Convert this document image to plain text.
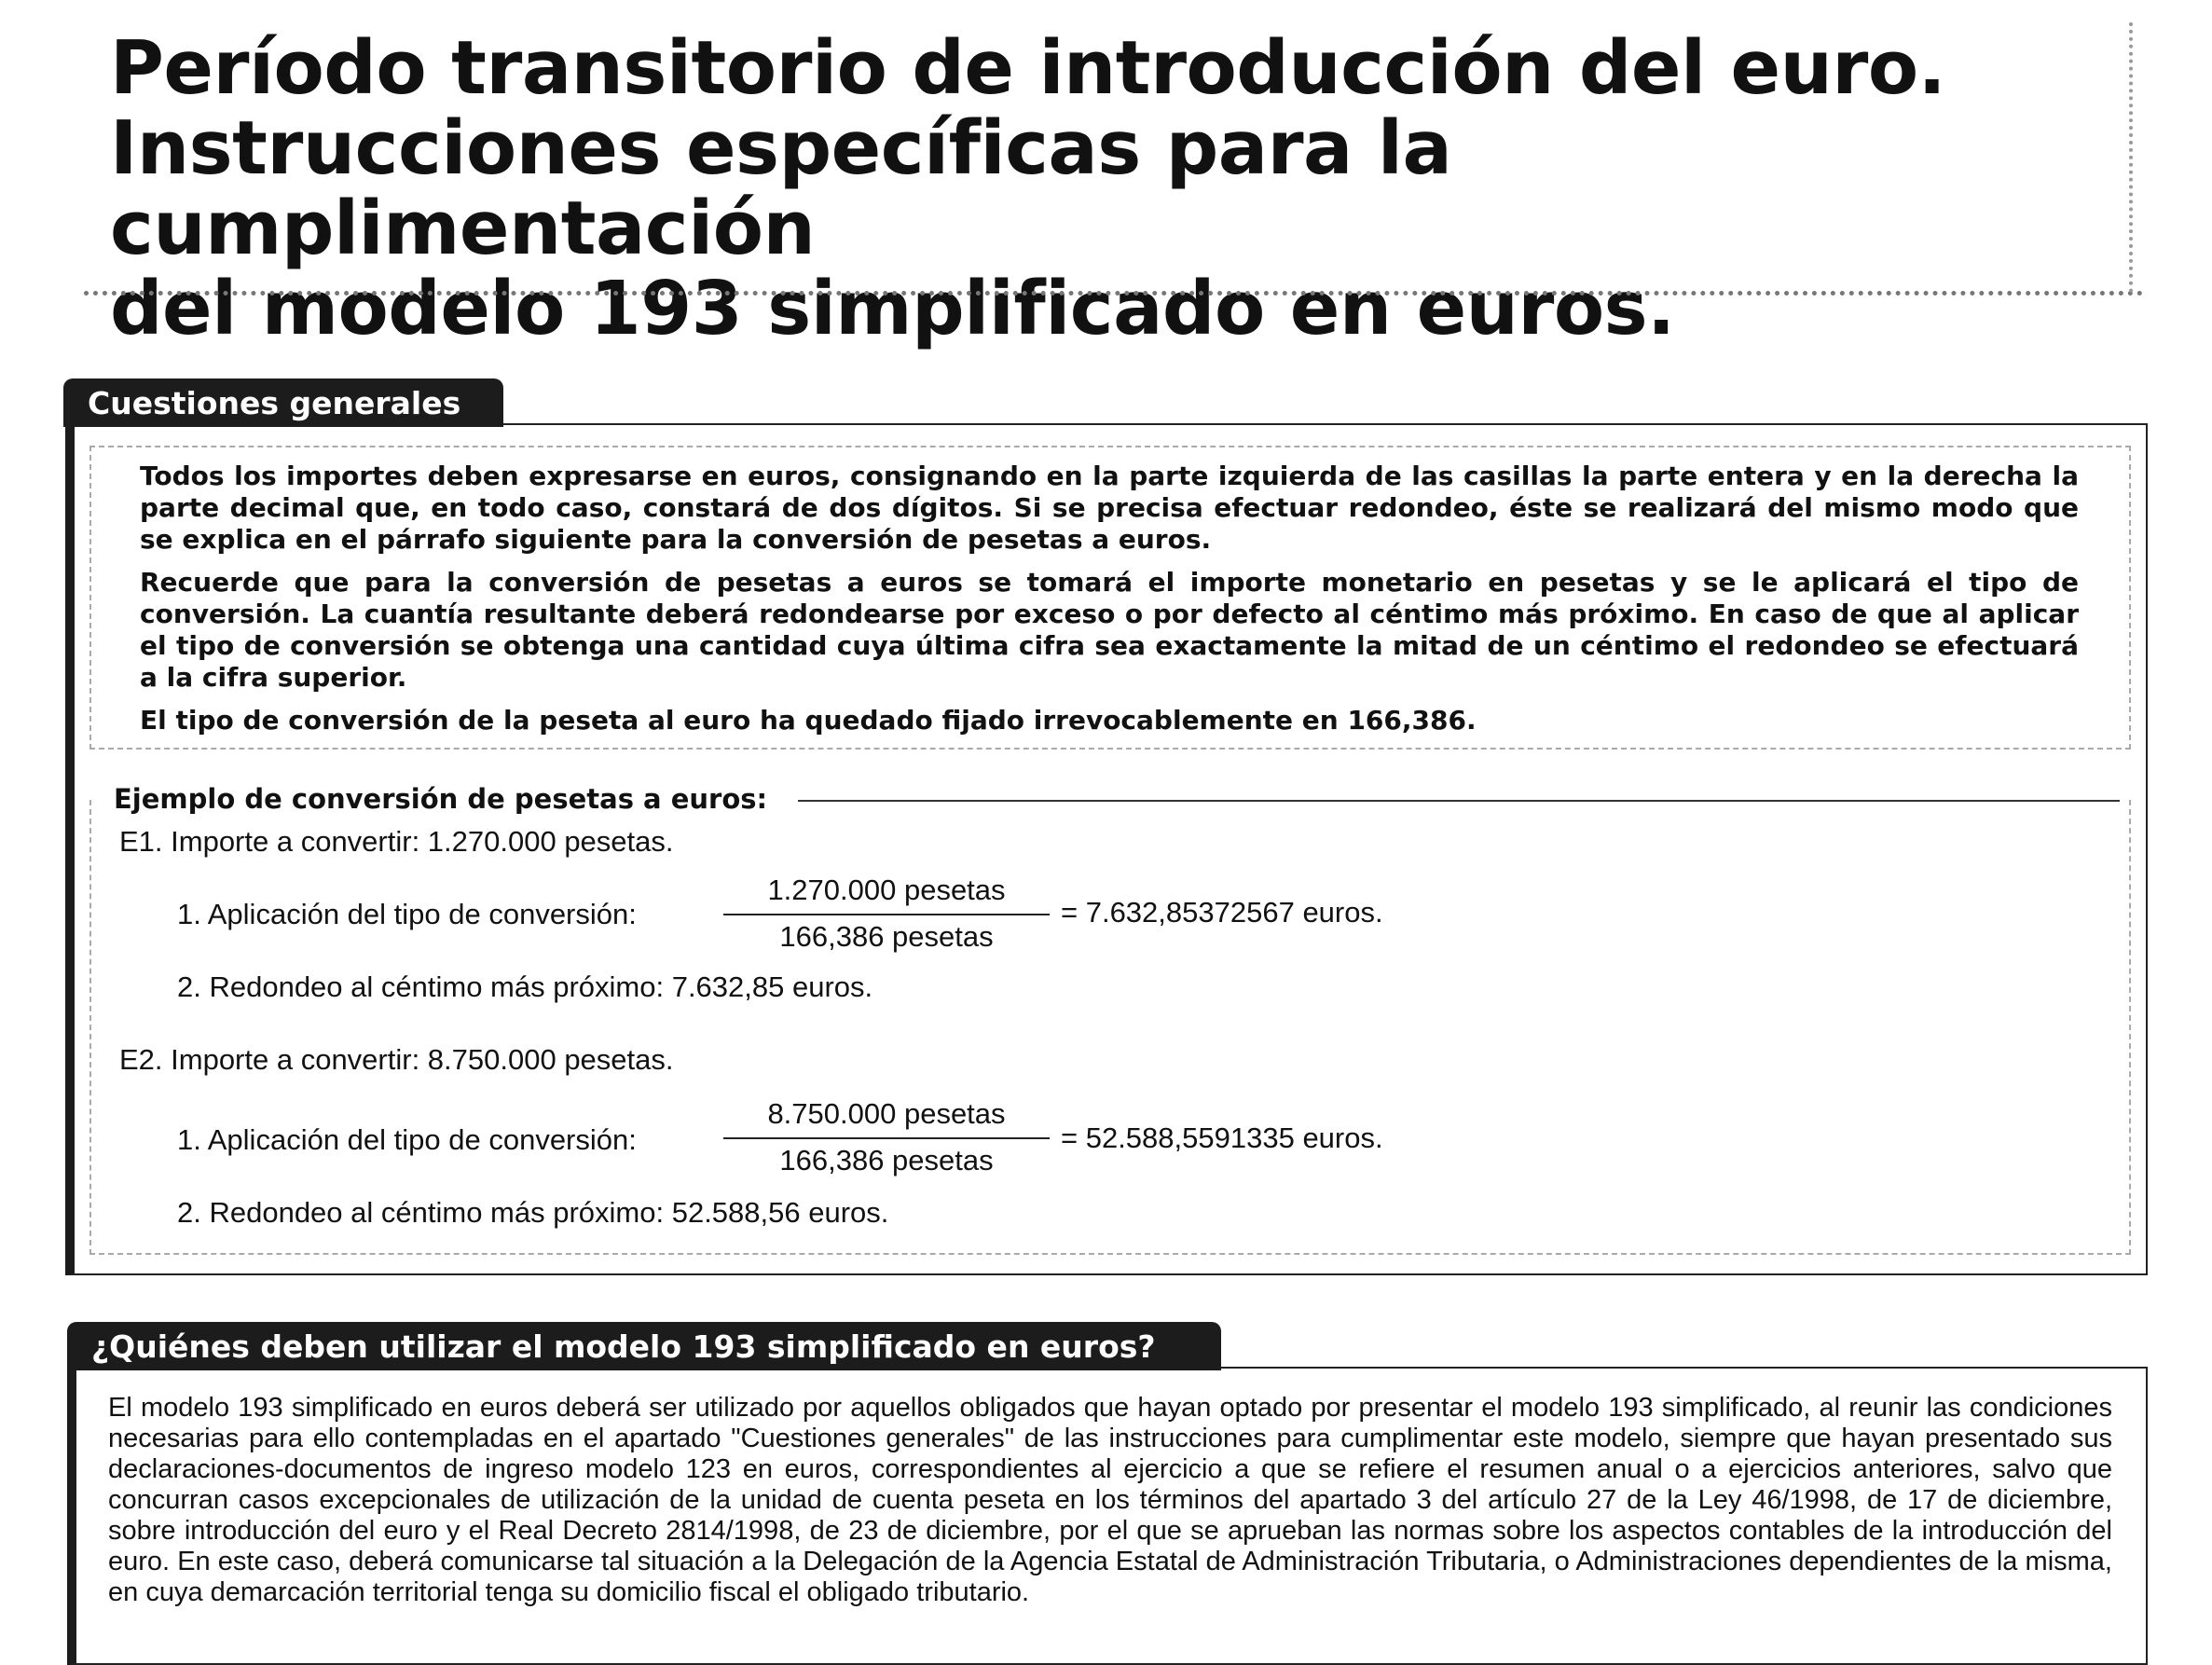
Período transitorio de introducción del euro.
Instrucciones específicas para la cumplimentación
del modelo 193 simplificado en euros.
Cuestiones generales

Todos los importes deben expresarse en euros, consignando en la parte izquierda de las casillas la parte entera y en la derecha la parte decimal que, en todo caso, constará de dos dígitos. Si se precisa efectuar redondeo, éste se realizará del mismo modo que se explica en el párrafo siguiente para la conversión de pesetas a euros.

Recuerde que para la conversión de pesetas a euros se tomará el importe monetario en pesetas y se le aplicará el tipo de conversión. La cuantía resultante deberá redondearse por exceso o por defecto al céntimo más próximo. En caso de que al aplicar el tipo de conversión se obtenga una cantidad cuya última cifra sea exactamente la mitad de un céntimo el redondeo se efectuará a la cifra superior.

El tipo de conversión de la peseta al euro ha quedado fijado irrevocablemente en 166,386.

Ejemplo de conversión de pesetas a euros:
E1. Importe a convertir: 1.270.000 pesetas.
1. Aplicación del tipo de conversión:
1.270.000 pesetas
166,386 pesetas
= 7.632,85372567 euros.
2. Redondeo al céntimo más próximo: 7.632,85 euros.
E2. Importe a convertir: 8.750.000 pesetas.
1. Aplicación del tipo de conversión:
8.750.000 pesetas
166,386 pesetas
= 52.588,5591335 euros.
2. Redondeo al céntimo más próximo: 52.588,56 euros.
¿Quiénes deben utilizar el modelo 193 simplificado en euros?

El modelo 193 simplificado en euros deberá ser utilizado por aquellos obligados que hayan optado por presentar el modelo 193 simplificado, al reunir las condiciones necesarias para ello contempladas en el apartado "Cuestiones generales" de las instrucciones para cumplimentar este modelo, siempre que hayan presentado sus declaraciones-documentos de ingreso modelo 123 en euros, correspondientes al ejercicio a que se refiere el resumen anual o a ejercicios anteriores, salvo que concurran casos excepcionales de utilización de la unidad de cuenta peseta en los términos del apartado 3 del artículo 27 de la Ley 46/1998, de 17 de diciembre, sobre introducción del euro y el Real Decreto 2814/1998, de 23 de diciembre, por el que se aprueban las normas sobre los aspectos contables de la introducción del euro. En este caso, deberá comunicarse tal situación a la Delegación de la Agencia Estatal de Administración Tributaria, o Administraciones dependientes de la misma, en cuya demarcación territorial tenga su domicilio fiscal el obligado tributario.
